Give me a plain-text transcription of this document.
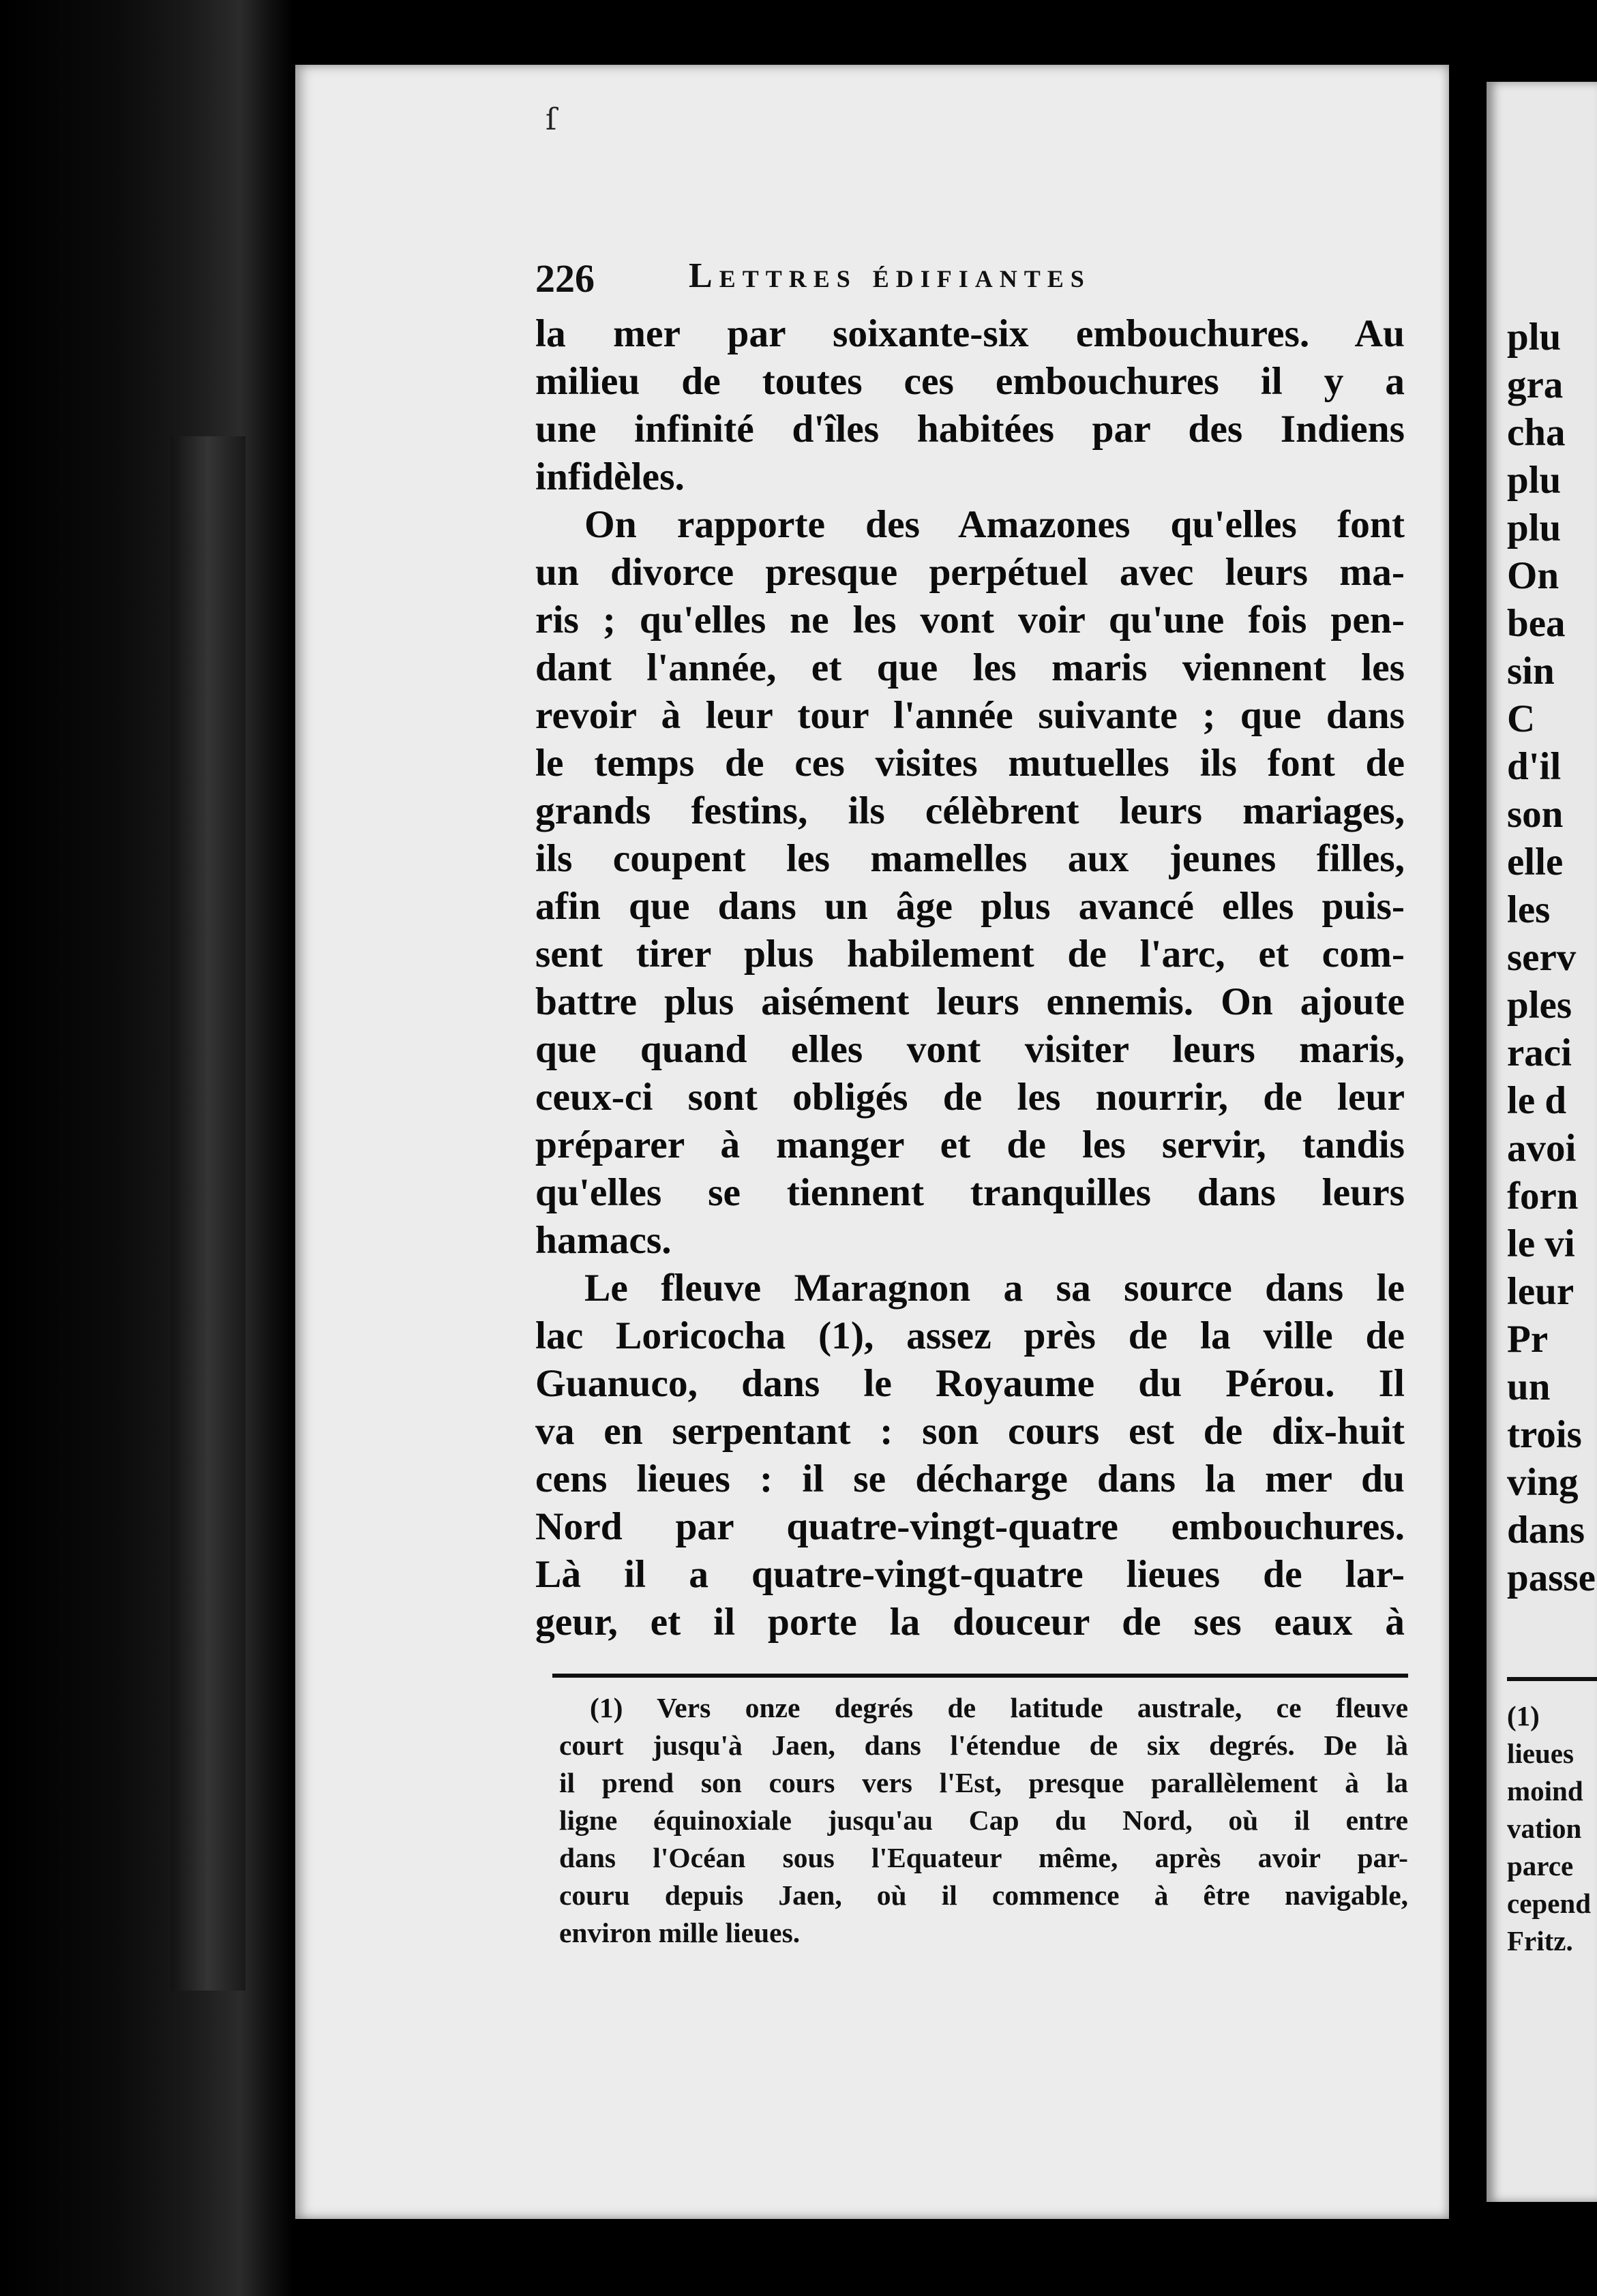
ſ
226	Lettres édifiantes
la mer par soixante-six embouchures. Au
milieu de toutes ces embouchures il y a
une infinité d'îles habitées par des Indiens
infidèles.
On rapporte des Amazones qu'elles font
un divorce presque perpétuel avec leurs ma-
ris ; qu'elles ne les vont voir qu'une fois pen-
dant l'année, et que les maris viennent les
revoir à leur tour l'année suivante ; que dans
le temps de ces visites mutuelles ils font de
grands festins, ils célèbrent leurs mariages,
ils coupent les mamelles aux jeunes filles,
afin que dans un âge plus avancé elles puis-
sent tirer plus habilement de l'arc, et com-
battre plus aisément leurs ennemis. On ajoute
que quand elles vont visiter leurs maris,
ceux-ci sont obligés de les nourrir, de leur
préparer à manger et de les servir, tandis
qu'elles se tiennent tranquilles dans leurs
hamacs.
Le fleuve Maragnon a sa source dans le
lac Loricocha (1), assez près de la ville de
Guanuco, dans le Royaume du Pérou. Il
va en serpentant : son cours est de dix-huit
cens lieues : il se décharge dans la mer du
Nord par quatre-vingt-quatre embouchures.
Là il a quatre-vingt-quatre lieues de lar-
geur, et il porte la douceur de ses eaux à
(1) Vers onze degrés de latitude australe, ce fleuve
court jusqu'à Jaen, dans l'étendue de six degrés. De là
il prend son cours vers l'Est, presque parallèlement à la
ligne équinoxiale jusqu'au Cap du Nord, où il entre
dans l'Océan sous l'Equateur même, après avoir par-
couru depuis Jaen, où il commence à être navigable,
environ mille lieues.
plu
gra
cha
plu
plu
On
bea
sin
C
d'il
son
elle
les
serv
ples
raci
le d
avoi
forn
le vi
leur
Pr
un
trois
ving
dans
passe
(1)
lieues
moind
vation
parce
cepend
Fritz.
